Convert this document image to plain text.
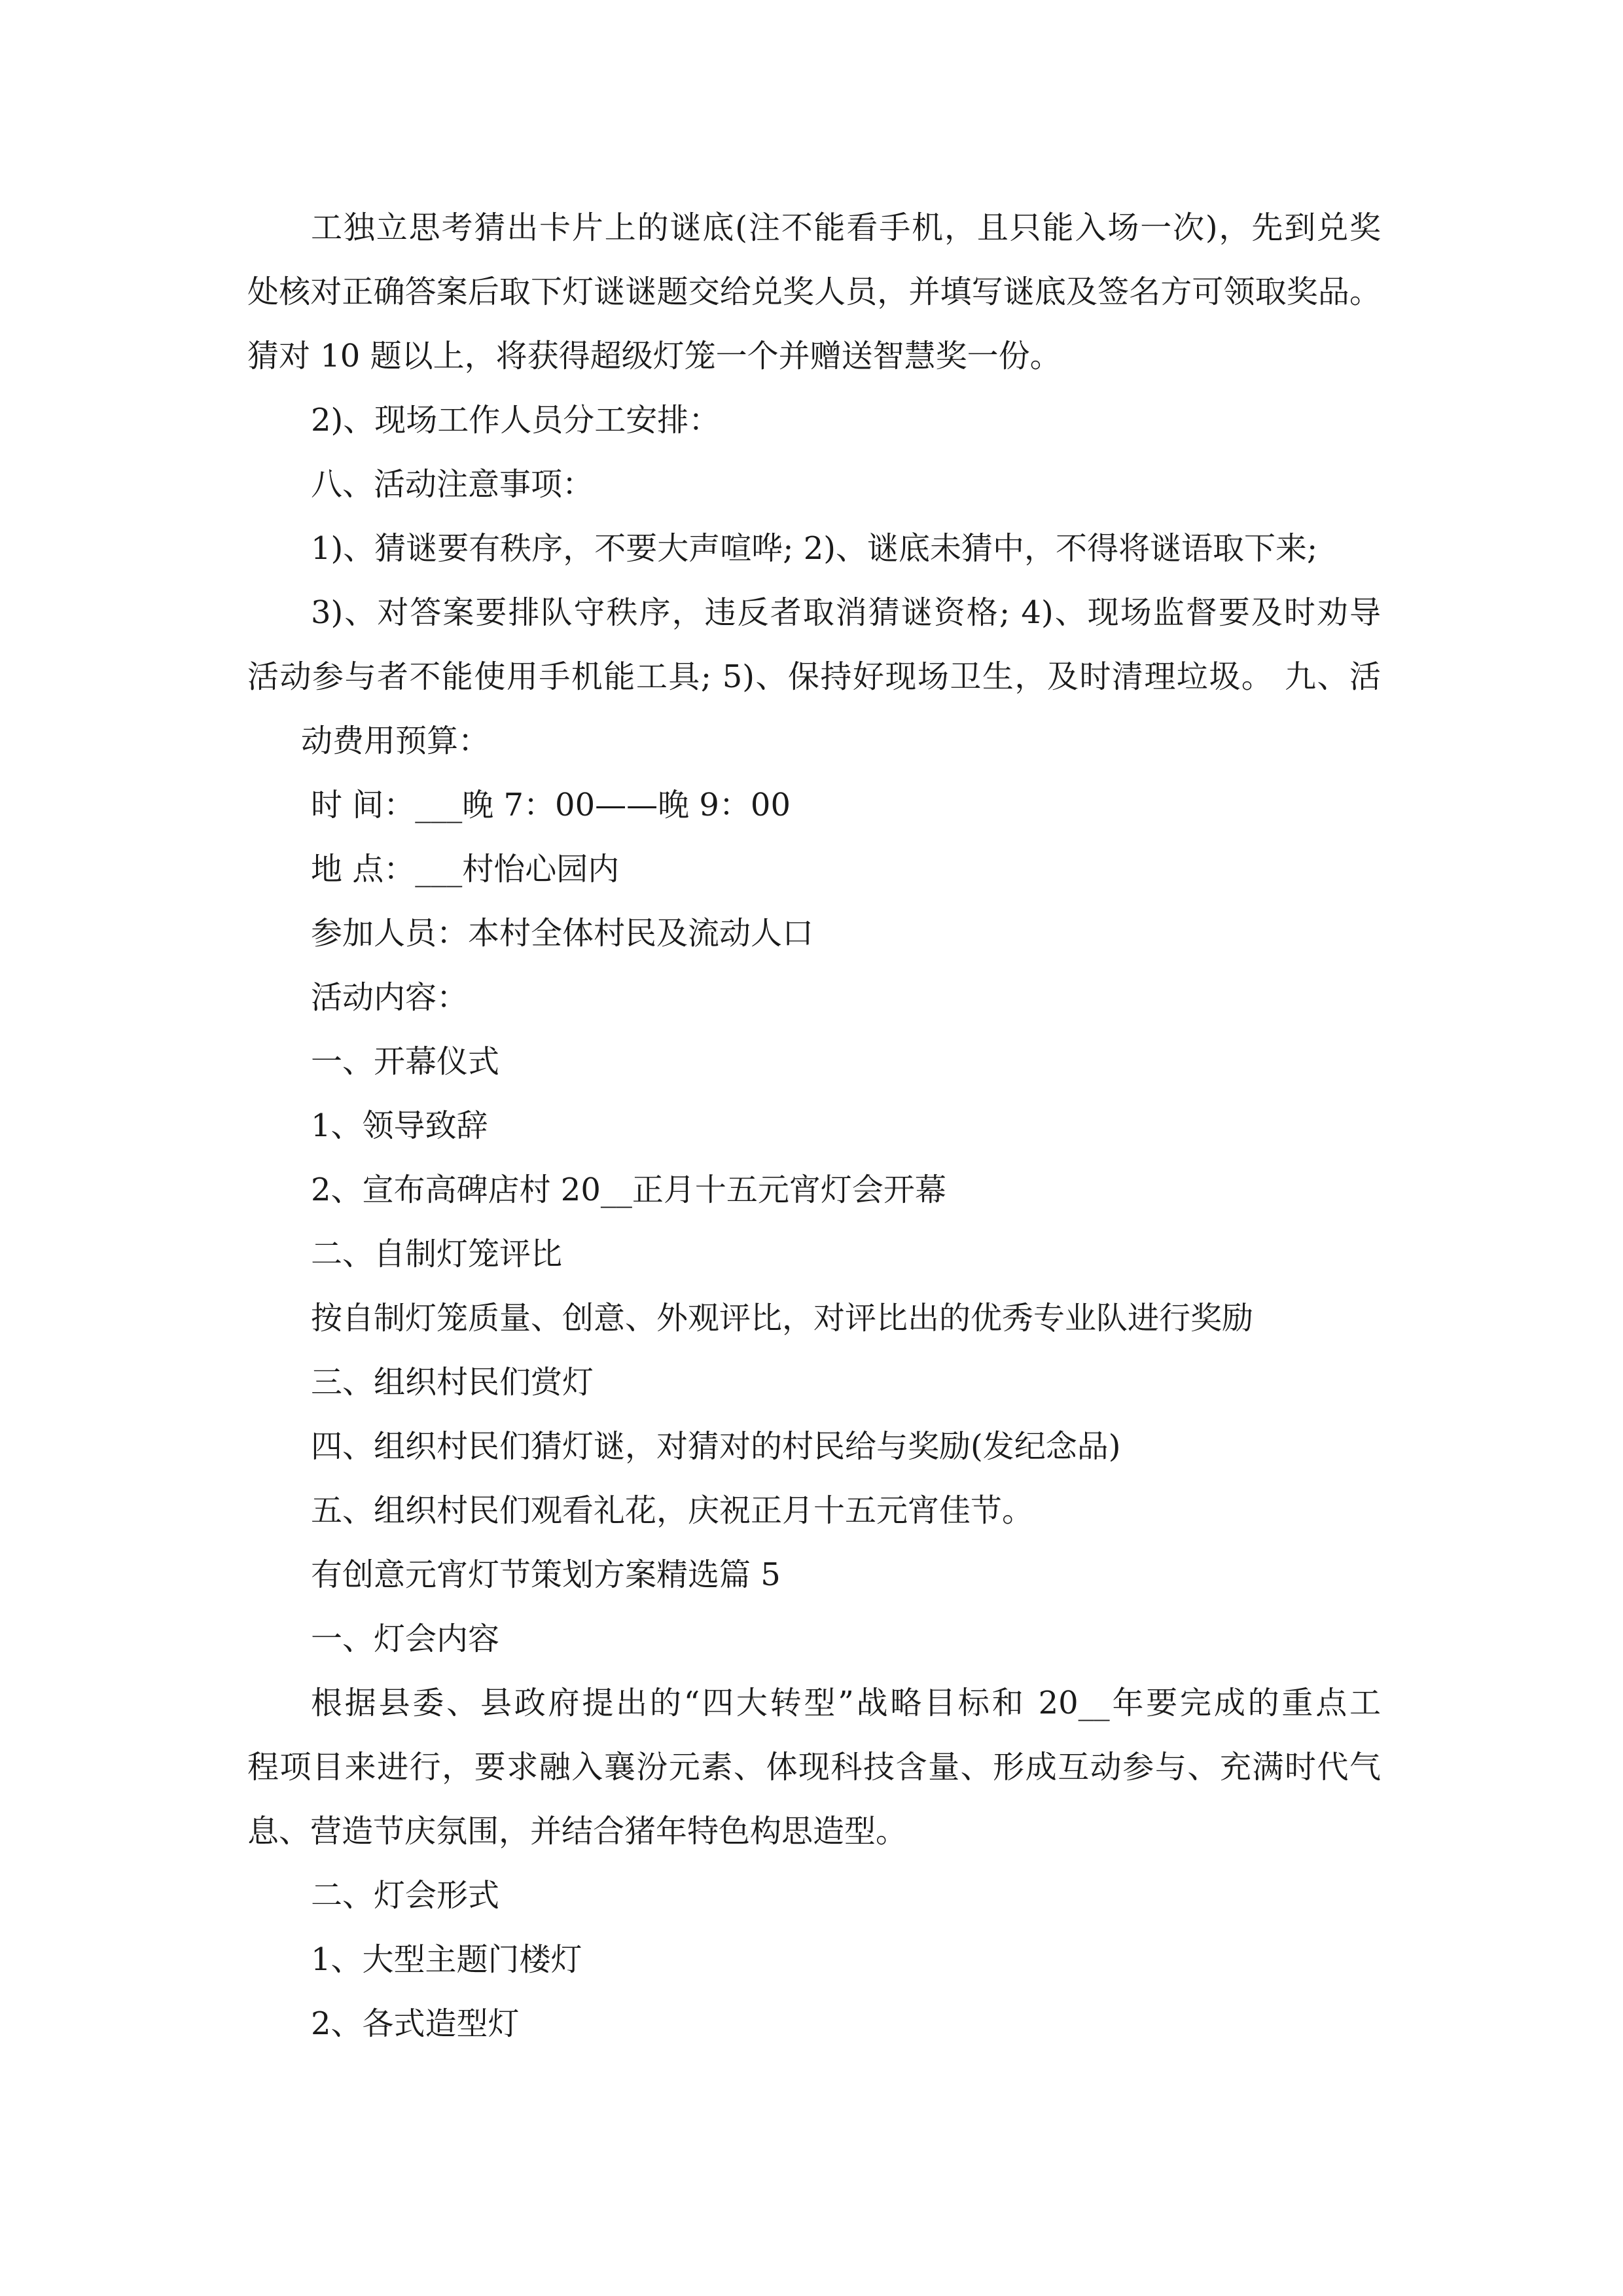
工独立思考猜出卡片上的谜底(注不能看手机，且只能入场一次)，先到兑奖
处核对正确答案后取下灯谜谜题交给兑奖人员，并填写谜底及签名方可领取奖品。
猜对 10 题以上，将获得超级灯笼一个并赠送智慧奖一份。
2)、现场工作人员分工安排：
八、活动注意事项：
1)、猜谜要有秩序，不要大声喧哗; 2)、谜底未猜中，不得将谜语取下来;
3)、对答案要排队守秩序，违反者取消猜谜资格; 4)、现场监督要及时劝导
活动参与者不能使用手机能工具; 5)、保持好现场卫生，及时清理垃圾。 九、活
动费用预算：
时 间：___晚 7：00——晚 9：00
地 点：___村怡心园内
参加人员：本村全体村民及流动人口
活动内容：
一、开幕仪式
1、领导致辞
2、宣布高碑店村 20__正月十五元宵灯会开幕
二、自制灯笼评比
按自制灯笼质量、创意、外观评比，对评比出的优秀专业队进行奖励
三、组织村民们赏灯
四、组织村民们猜灯谜，对猜对的村民给与奖励(发纪念品)
五、组织村民们观看礼花，庆祝正月十五元宵佳节。
有创意元宵灯节策划方案精选篇 5
一、灯会内容
根据县委、县政府提出的“四大转型”战略目标和 20__年要完成的重点工
程项目来进行，要求融入襄汾元素、体现科技含量、形成互动参与、充满时代气
息、营造节庆氛围，并结合猪年特色构思造型。
二、灯会形式
1、大型主题门楼灯
2、各式造型灯
